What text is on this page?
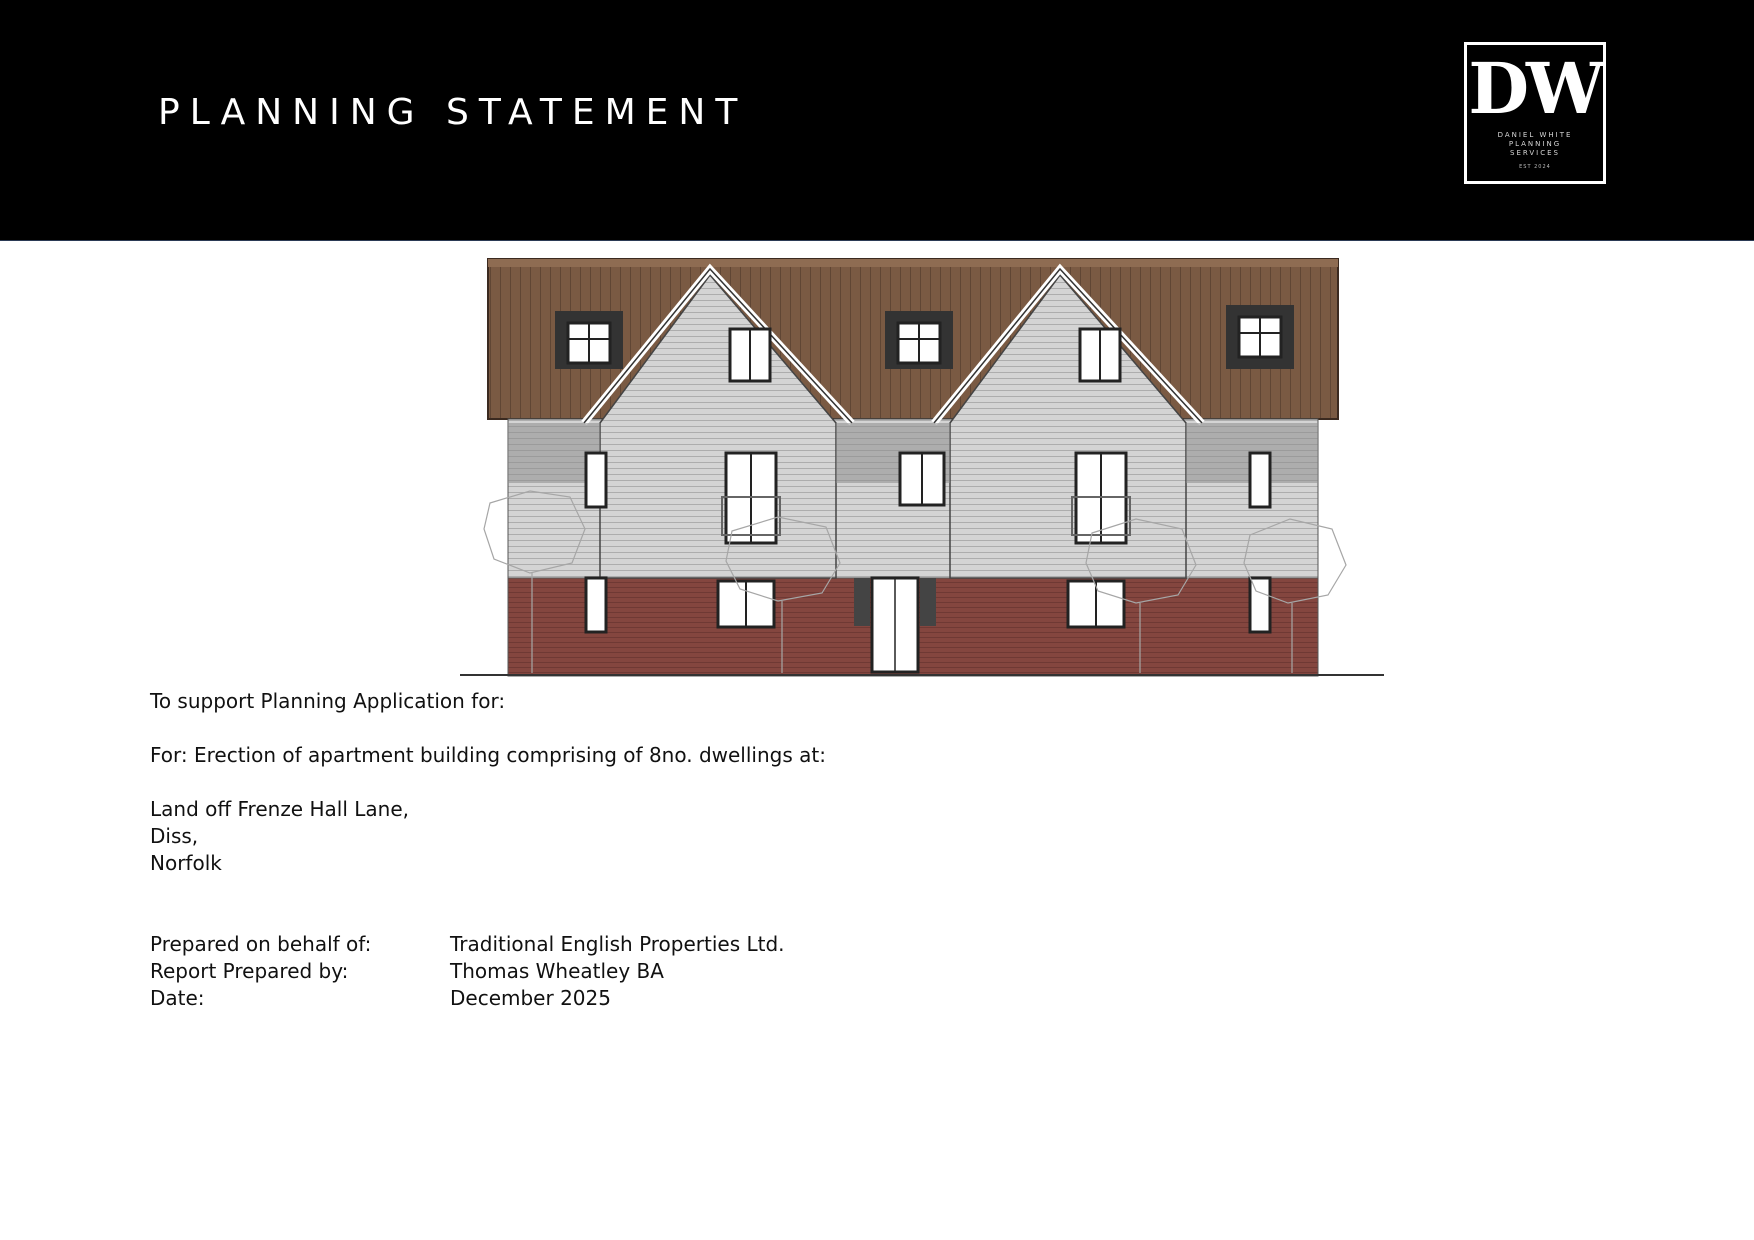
PLANNING STATEMENT	DW
DANIEL WHITE PLANNING SERVICES
EST 2024

To support Planning Application for:

For: Erection of apartment building comprising of 8no. dwellings at:

Land off Frenze Hall Lane,

Diss,

Norfolk

Prepared on behalf of:	Traditional English Properties Ltd.
Report Prepared by:	Thomas Wheatley BA
Date:	December 2025
